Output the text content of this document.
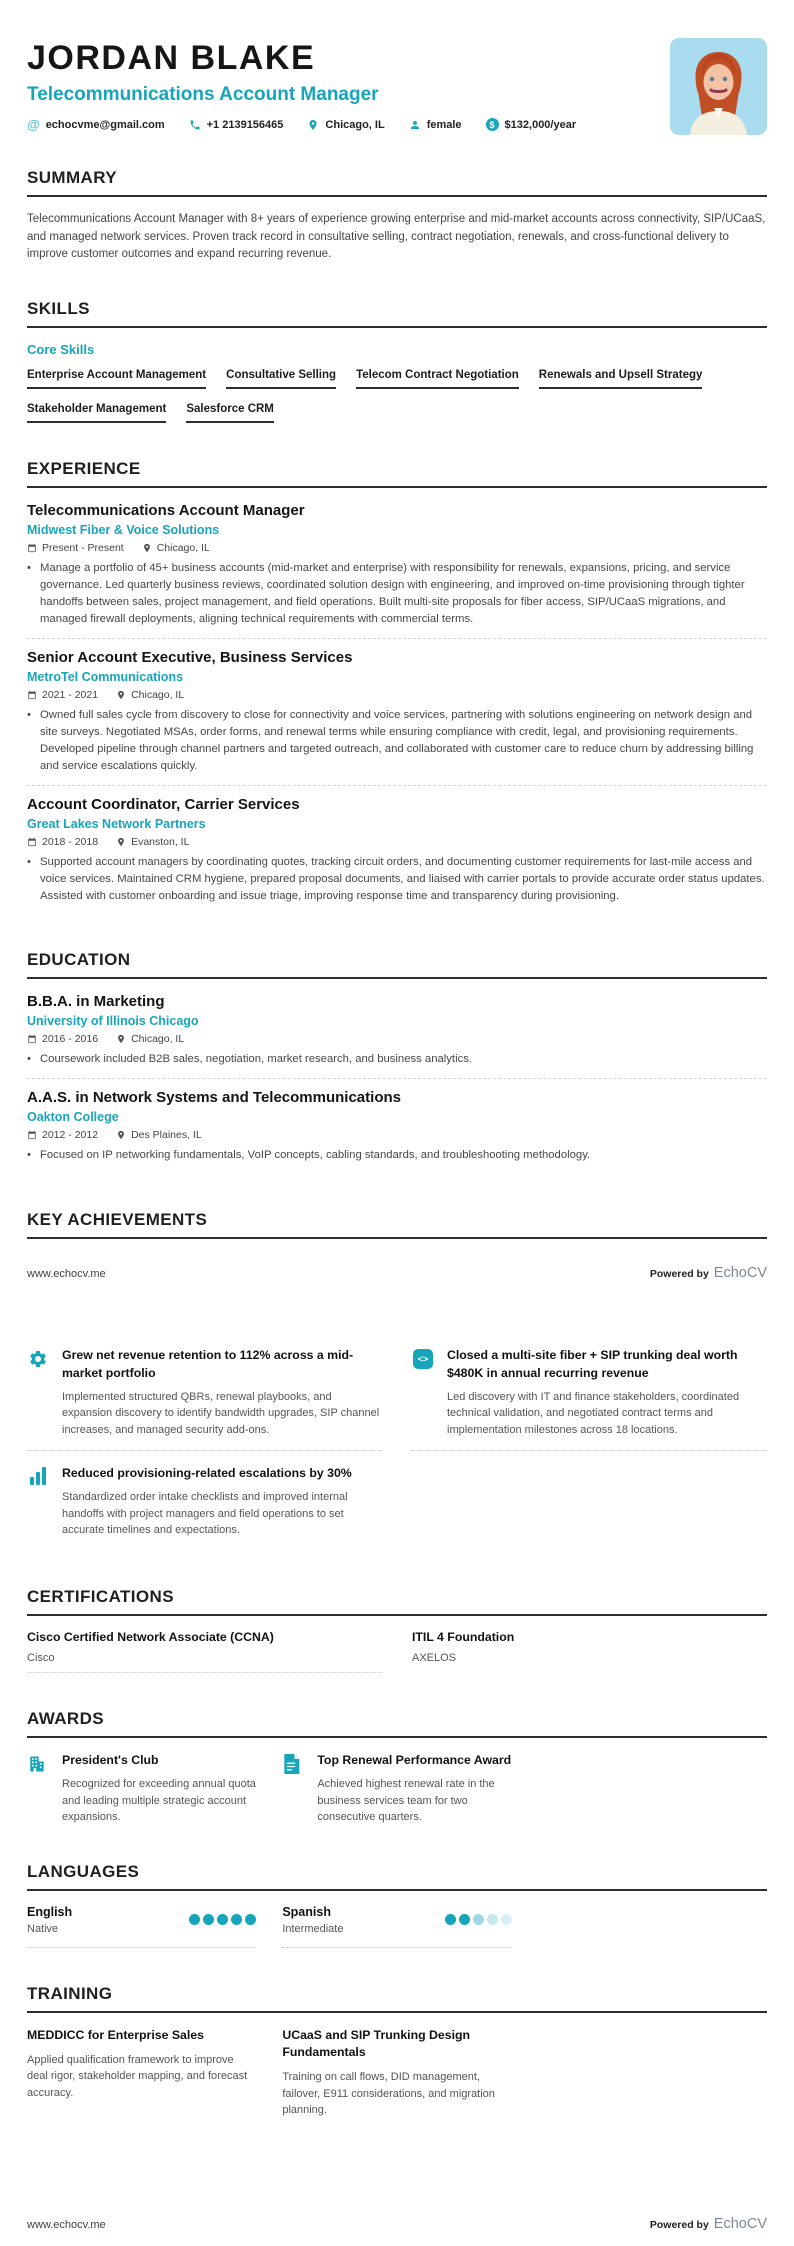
JORDAN BLAKE
Telecommunications Account Manager
@
echocvme@gmail.com	+1 2139156465	Chicago, IL	female $	$132,000/year
SUMMARY

Telecommunications Account Manager with 8+ years of experience growing enterprise and mid-market accounts across connectivity, SIP/UCaaS, and managed network services. Proven track record in consultative selling, contract negotiation, renewals, and cross-functional delivery to improve customer outcomes and expand recurring revenue.

SKILLS
Core Skills
Enterprise Account Management Consultative Selling Telecom Contract Negotiation Renewals and Upsell Strategy
Stakeholder Management Salesforce CRM
EXPERIENCE
Telecommunications Account Manager
Midwest Fiber & Voice Solutions
Present - Present	Chicago, IL
• Manage a portfolio of 45+ business accounts (mid-market and enterprise) with responsibility for renewals, expansions, pricing, and service governance. Led quarterly business reviews, coordinated solution design with engineering, and improved on-time provisioning through tighter handoffs between sales, project management, and field operations. Built multi-site proposals for fiber access, SIP/UCaaS migrations, and managed firewall deployments, aligning technical requirements with commercial terms.
Senior Account Executive, Business Services
MetroTel Communications
2021 - 2021	Chicago, IL
• Owned full sales cycle from discovery to close for connectivity and voice services, partnering with solutions engineering on network design and site surveys. Negotiated MSAs, order forms, and renewal terms while ensuring compliance with credit, legal, and provisioning requirements. Developed pipeline through channel partners and targeted outreach, and collaborated with customer care to reduce churn by addressing billing and service escalations quickly.
Account Coordinator, Carrier Services
Great Lakes Network Partners
2018 - 2018	Evanston, IL
• Supported account managers by coordinating quotes, tracking circuit orders, and documenting customer requirements for last-mile access and voice services. Maintained CRM hygiene, prepared proposal documents, and liaised with carrier portals to provide accurate order status updates. Assisted with customer onboarding and issue triage, improving response time and transparency during provisioning.
EDUCATION
B.B.A. in Marketing
University of Illinois Chicago
2016 - 2016	Chicago, IL
• Coursework included B2B sales, negotiation, market research, and business analytics.
A.A.S. in Network Systems and Telecommunications
Oakton College
2012 - 2012	Des Plaines, IL
• Focused on IP networking fundamentals, VoIP concepts, cabling standards, and troubleshooting methodology.
KEY ACHIEVEMENTS
www.echocv.me	Powered by EchoCV
Grew net revenue retention to 112% across a mid-market portfolio
Implemented structured QBRs, renewal playbooks, and expansion discovery to identify bandwidth upgrades, SIP channel increases, and managed security add-ons.
<>
Closed a multi-site fiber + SIP trunking deal worth $480K in annual recurring revenue
Led discovery with IT and finance stakeholders, coordinated technical validation, and negotiated contract terms and implementation milestones across 18 locations.
Reduced provisioning-related escalations by 30%
Standardized order intake checklists and improved internal handoffs with project managers and field operations to set accurate timelines and expectations.
CERTIFICATIONS
Cisco Certified Network Associate (CCNA)
Cisco
ITIL 4 Foundation
AXELOS
AWARDS
President's Club
Recognized for exceeding annual quota and leading multiple strategic account expansions.
Top Renewal Performance Award
Achieved highest renewal rate in the business services team for two consecutive quarters.
LANGUAGES
English
Native
Spanish
Intermediate
TRAINING
MEDDICC for Enterprise Sales
Applied qualification framework to improve deal rigor, stakeholder mapping, and forecast accuracy.
UCaaS and SIP Trunking Design Fundamentals
Training on call flows, DID management, failover, E911 considerations, and migration planning.
www.echocv.me	Powered by EchoCV
